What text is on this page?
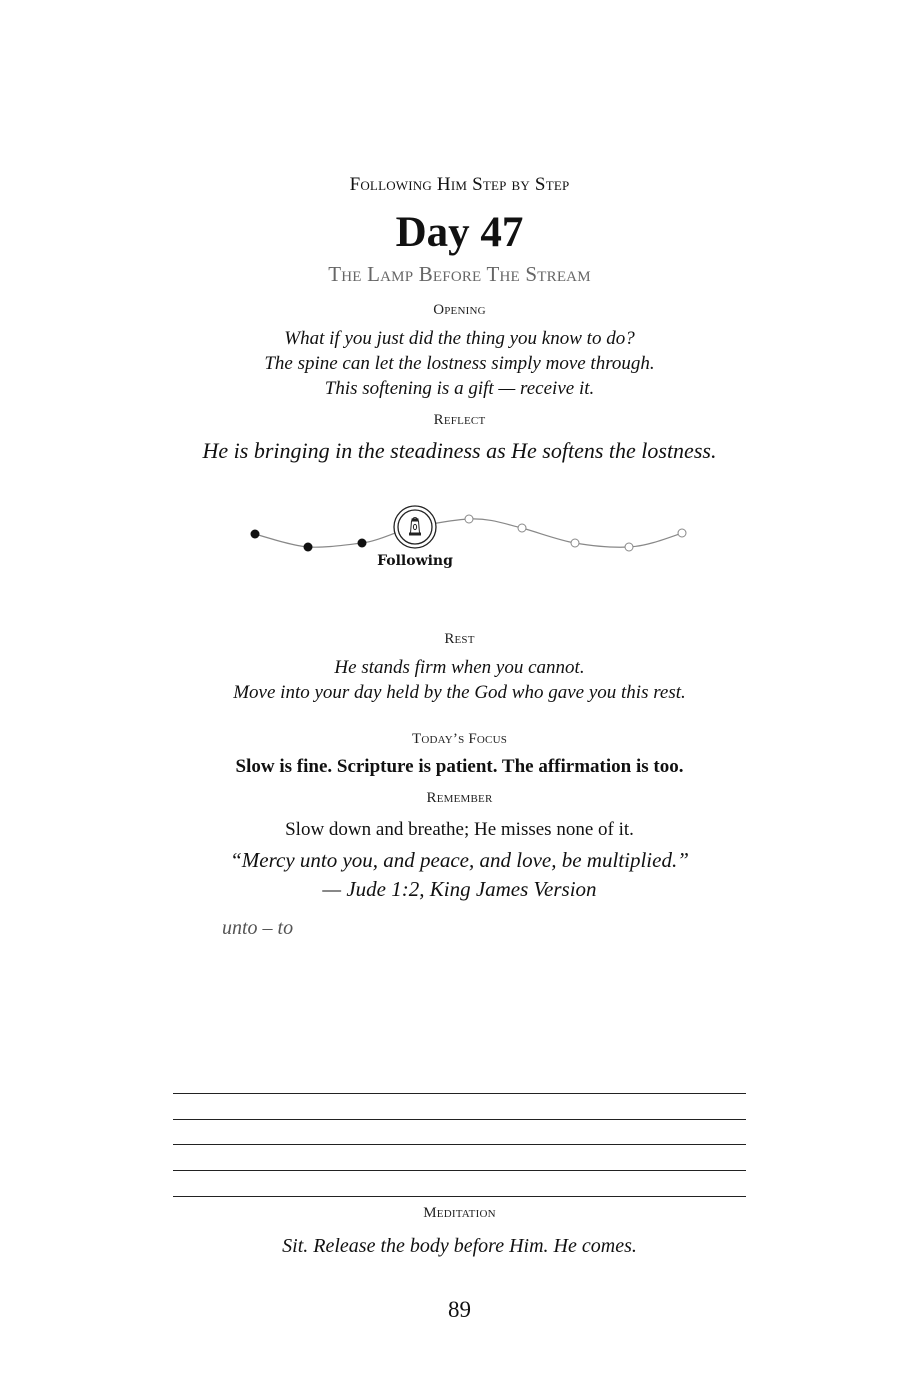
Following Him Step by Step
Day 47
The Lamp Before The Stream
Opening
What if you just did the thing you know to do?
The spine can let the lostness simply move through.
This softening is a gift — receive it.
Reflect
He is bringing in the steadiness as He softens the lostness.
Following
Rest
He stands firm when you cannot.
Move into your day held by the God who gave you this rest.
Today’s Focus
Slow is fine. Scripture is patient. The affirmation is too.
Remember
Slow down and breathe; He misses none of it.
“Mercy unto you, and peace, and love, be multiplied.”
— Jude 1:2, King James Version
unto – to
Meditation
Sit. Release the body before Him. He comes.
89
